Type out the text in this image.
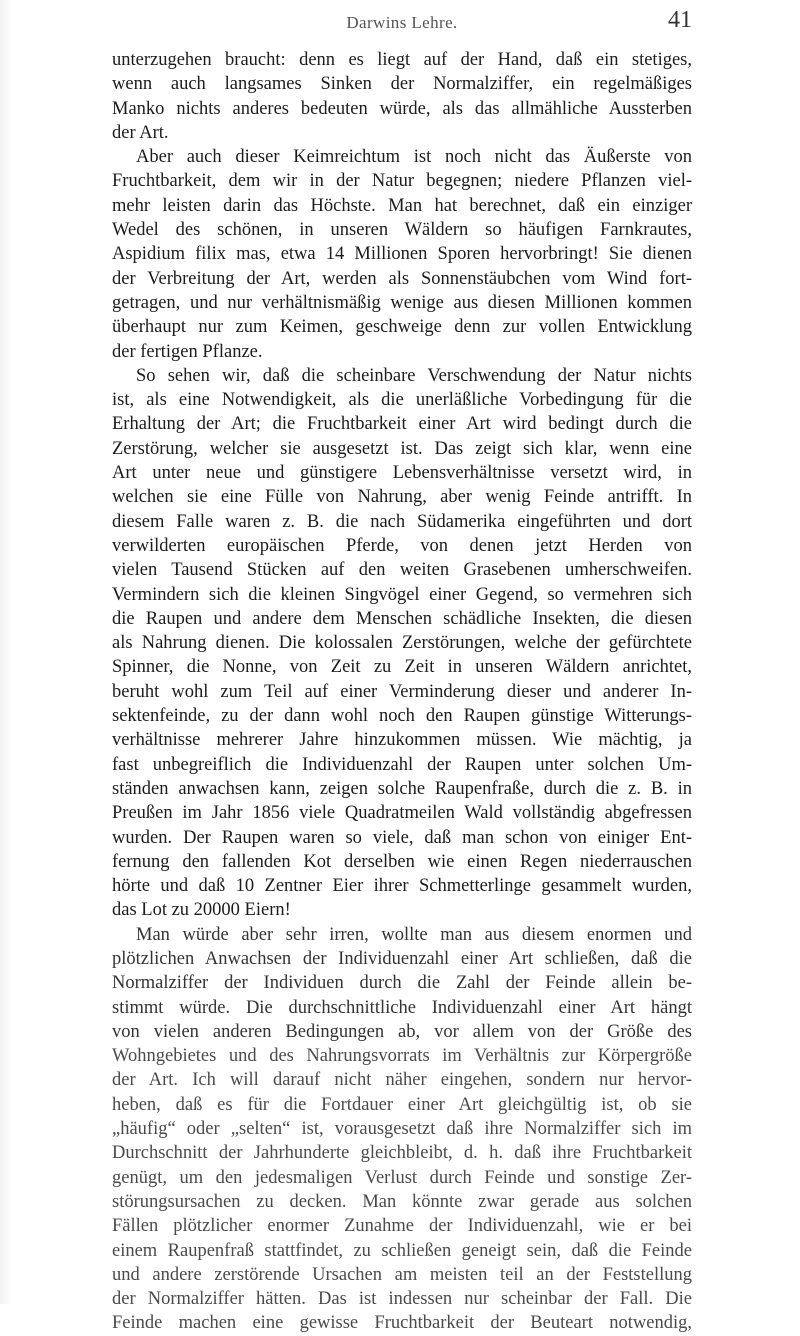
Darwins Lehre.	41
unterzugehen braucht: denn es liegt auf der Hand, daß ein stetiges,
wenn auch langsames Sinken der Normalziffer, ein regelmäßiges
Manko nichts anderes bedeuten würde, als das allmähliche Aussterben
der Art.
Aber auch dieser Keimreichtum ist noch nicht das Äußerste von
Fruchtbarkeit, dem wir in der Natur begegnen; niedere Pflanzen viel-
mehr leisten darin das Höchste. Man hat berechnet, daß ein einziger
Wedel des schönen, in unseren Wäldern so häufigen Farnkrautes,
Aspidium filix mas, etwa 14 Millionen Sporen hervorbringt! Sie dienen
der Verbreitung der Art, werden als Sonnenstäubchen vom Wind fort-
getragen, und nur verhältnismäßig wenige aus diesen Millionen kommen
überhaupt nur zum Keimen, geschweige denn zur vollen Entwicklung
der fertigen Pflanze.
So sehen wir, daß die scheinbare Verschwendung der Natur nichts
ist, als eine Notwendigkeit, als die unerläßliche Vorbedingung für die
Erhaltung der Art; die Fruchtbarkeit einer Art wird bedingt durch die
Zerstörung, welcher sie ausgesetzt ist. Das zeigt sich klar, wenn eine
Art unter neue und günstigere Lebensverhältnisse versetzt wird, in
welchen sie eine Fülle von Nahrung, aber wenig Feinde antrifft. In
diesem Falle waren z. B. die nach Südamerika eingeführten und dort
verwilderten europäischen Pferde, von denen jetzt Herden von
vielen Tausend Stücken auf den weiten Grasebenen umherschweifen.
Vermindern sich die kleinen Singvögel einer Gegend, so vermehren sich
die Raupen und andere dem Menschen schädliche Insekten, die diesen
als Nahrung dienen. Die kolossalen Zerstörungen, welche der gefürchtete
Spinner, die Nonne, von Zeit zu Zeit in unseren Wäldern anrichtet,
beruht wohl zum Teil auf einer Verminderung dieser und anderer In-
sektenfeinde, zu der dann wohl noch den Raupen günstige Witterungs-
verhältnisse mehrerer Jahre hinzukommen müssen. Wie mächtig, ja
fast unbegreiflich die Individuenzahl der Raupen unter solchen Um-
ständen anwachsen kann, zeigen solche Raupenfraße, durch die z. B. in
Preußen im Jahr 1856 viele Quadratmeilen Wald vollständig abgefressen
wurden. Der Raupen waren so viele, daß man schon von einiger Ent-
fernung den fallenden Kot derselben wie einen Regen niederrauschen
hörte und daß 10 Zentner Eier ihrer Schmetterlinge gesammelt wurden,
das Lot zu 20000 Eiern!
Man würde aber sehr irren, wollte man aus diesem enormen und
plötzlichen Anwachsen der Individuenzahl einer Art schließen, daß die
Normalziffer der Individuen durch die Zahl der Feinde allein be-
stimmt würde. Die durchschnittliche Individuenzahl einer Art hängt
von vielen anderen Bedingungen ab, vor allem von der Größe des
Wohngebietes und des Nahrungsvorrats im Verhältnis zur Körpergröße
der Art. Ich will darauf nicht näher eingehen, sondern nur hervor-
heben, daß es für die Fortdauer einer Art gleichgültig ist, ob sie
„häufig“ oder „selten“ ist, vorausgesetzt daß ihre Normalziffer sich im
Durchschnitt der Jahrhunderte gleichbleibt, d. h. daß ihre Fruchtbarkeit
genügt, um den jedesmaligen Verlust durch Feinde und sonstige Zer-
störungsursachen zu decken. Man könnte zwar gerade aus solchen
Fällen plötzlicher enormer Zunahme der Individuenzahl, wie er bei
einem Raupenfraß stattfindet, zu schließen geneigt sein, daß die Feinde
und andere zerstörende Ursachen am meisten teil an der Feststellung
der Normalziffer hätten. Das ist indessen nur scheinbar der Fall. Die
Feinde machen eine gewisse Fruchtbarkeit der Beuteart notwendig,
